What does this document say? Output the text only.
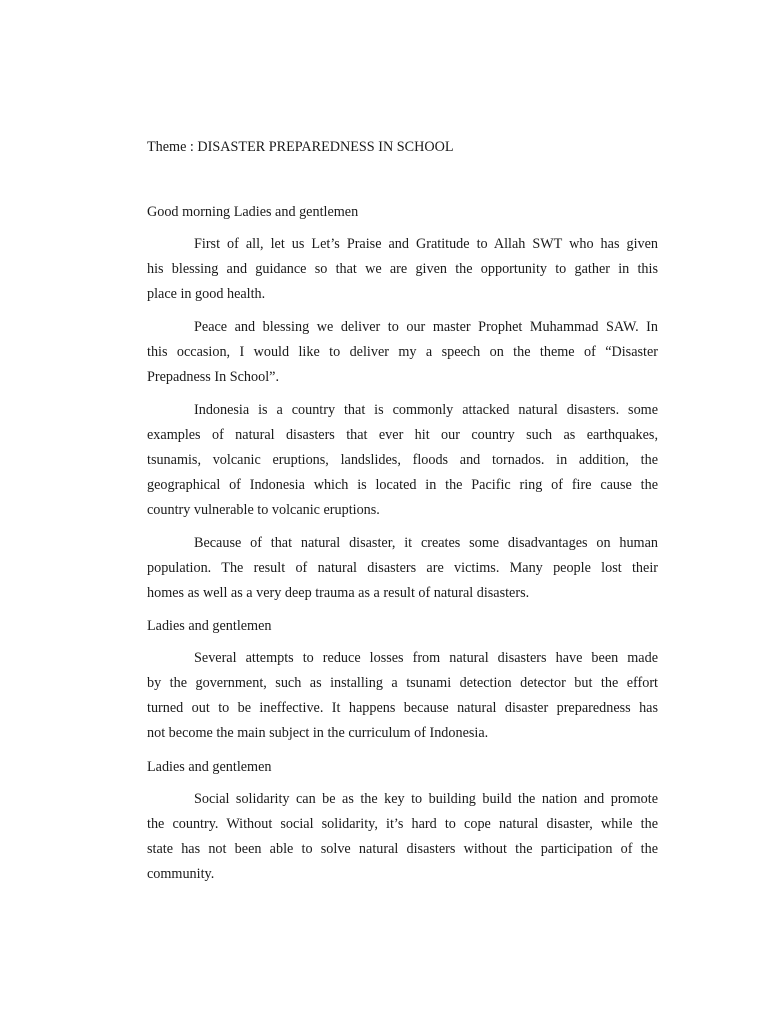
Theme : DISASTER PREPAREDNESS IN SCHOOL
Good morning Ladies and gentlemen
First of all, let us Let’s Praise and Gratitude to Allah SWT who has given
his blessing and guidance so that we are given the opportunity to gather in this
place in good health.
Peace and blessing we deliver to our master Prophet Muhammad SAW. In
this occasion, I would like to deliver my a speech on the theme of “Disaster
Prepadness In School”.
Indonesia is a country that is commonly attacked natural disasters. some
examples of natural disasters that ever hit our country such as earthquakes,
tsunamis, volcanic eruptions, landslides, floods and tornados. in addition, the
geographical of Indonesia which is located in the Pacific ring of fire cause the
country vulnerable to volcanic eruptions.
Because of that natural disaster, it creates some disadvantages on human
population. The result of natural disasters are victims. Many people lost their
homes as well as a very deep trauma as a result of natural disasters.
Ladies and gentlemen
Several attempts to reduce losses from natural disasters have been made
by the government, such as installing a tsunami detection detector but the effort
turned out to be ineffective. It happens because natural disaster preparedness has
not become the main subject in the curriculum of Indonesia.
Ladies and gentlemen
Social solidarity can be as the key to building build the nation and promote
the country. Without social solidarity, it’s hard to cope natural disaster, while the
state has not been able to solve natural disasters without the participation of the
community.
